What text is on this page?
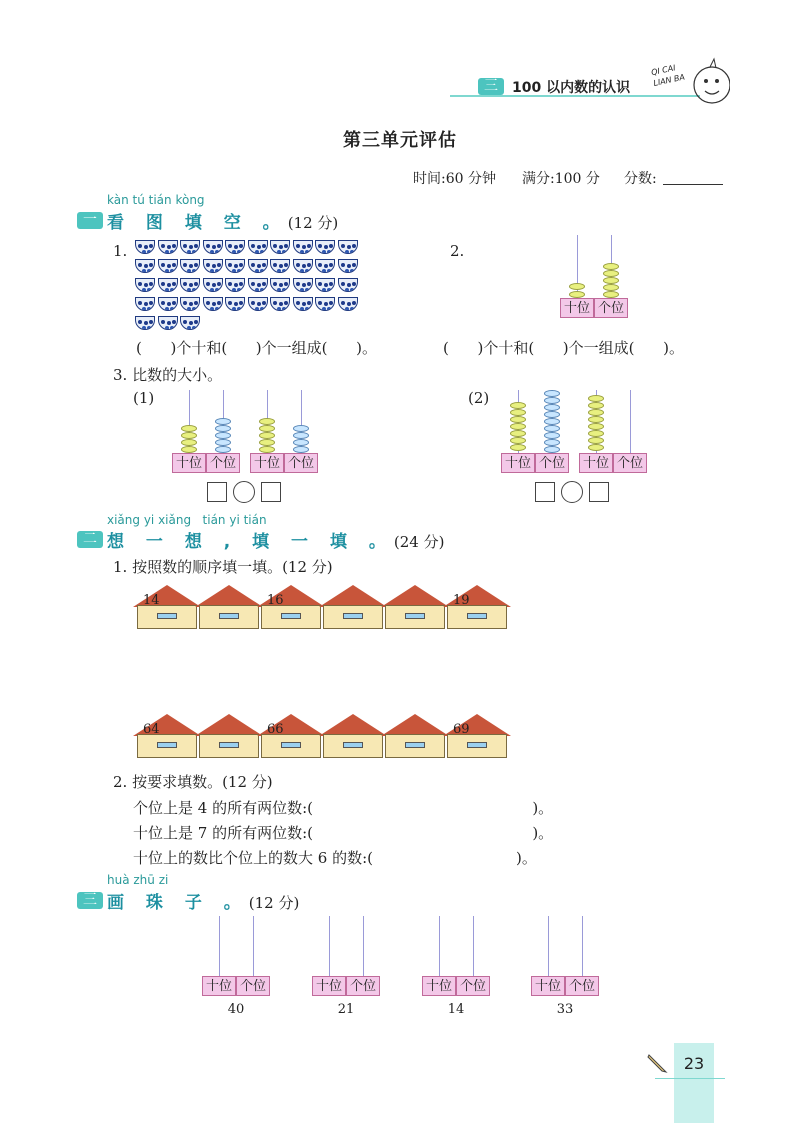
三	100 以内数的认识
QI CAI LIAN BA
第三单元评估
时间:60 分钟 满分:100 分 分数:
kàn tú tián kòng
一 看 图 填 空 。(12 分)
1.	2.
十位 个位
(      )个十和(      )个一组成(      )。	(      )个十和(      )个一组成(      )。
3. 比数的大小。
(1)	(2)
十位 个位	十位 个位	十位 个位	十位 个位
xiǎng yi xiǎng   tián yi tián
二 想 一 想 , 填 一 填 。(24 分)
1. 按照数的顺序填一填。(12 分)
14	16	19
64	66	69
2. 按要求填数。(12 分)
个位上是 4 的所有两位数:(                                              )。
十位上是 7 的所有两位数:(                                              )。
十位上的数比个位上的数大 6 的数:(                              )。
huà zhū zi
三 画 珠 子 。(12 分)
十位 个位
40
十位 个位
21
十位 个位
14
十位 个位
33
23
